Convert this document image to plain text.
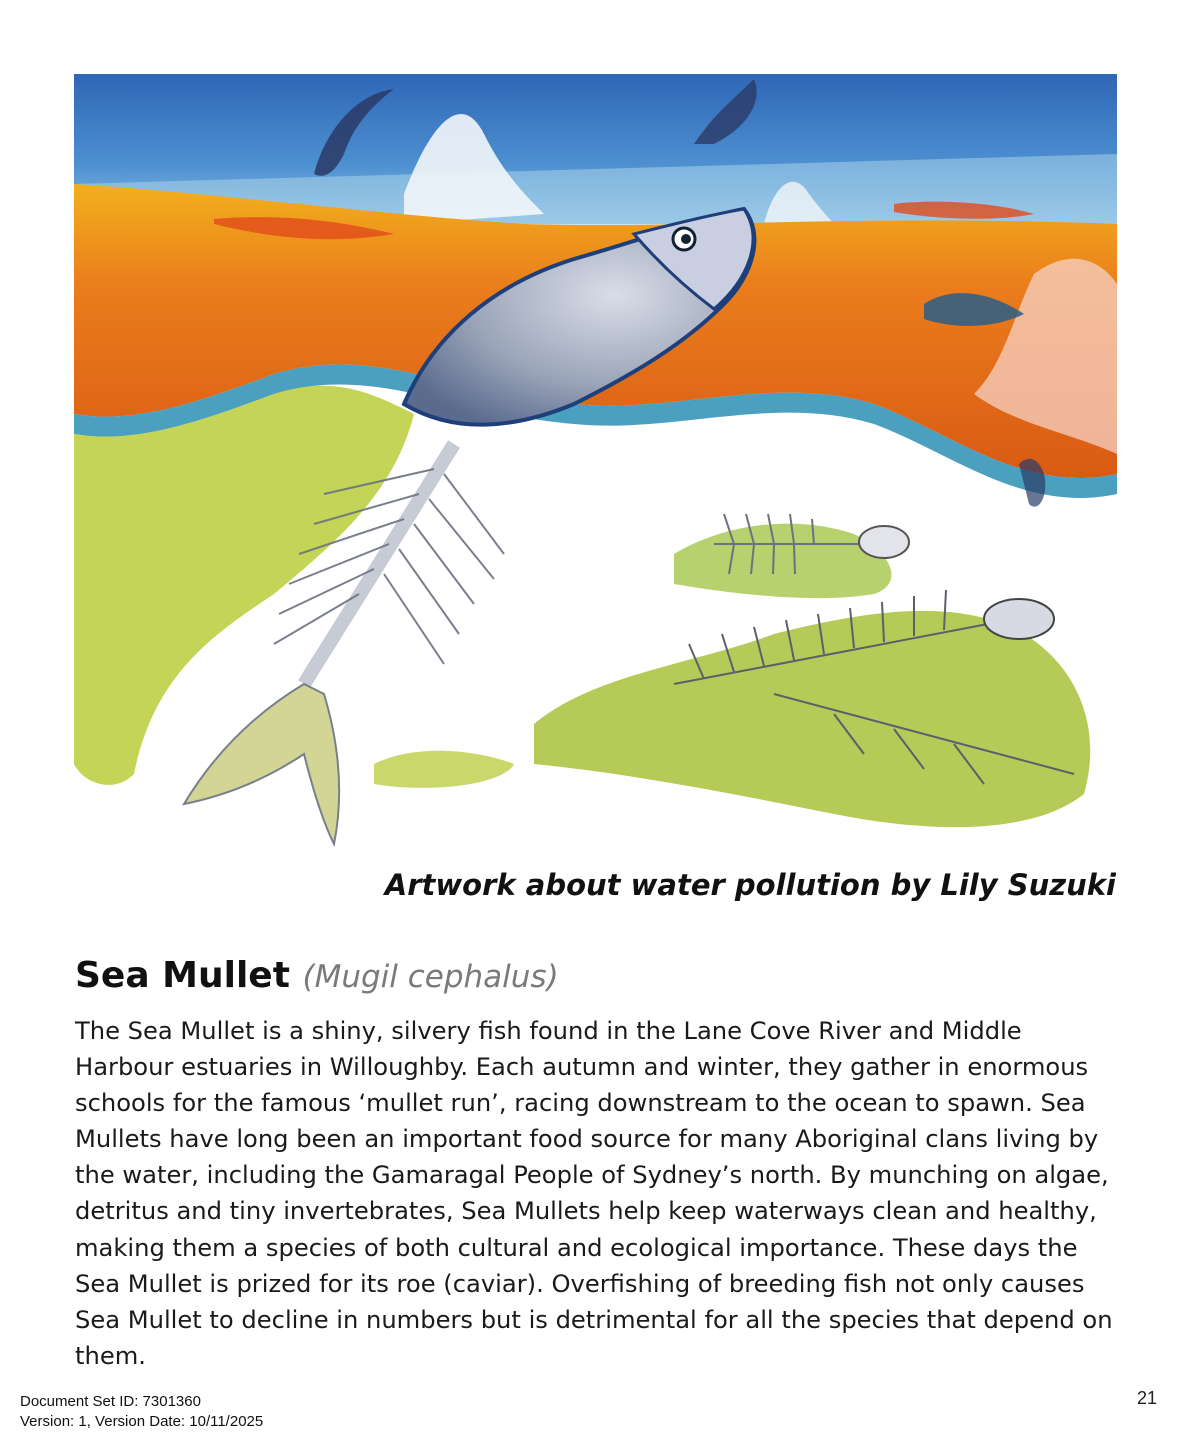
Artwork about water pollution by Lily Suzuki
Sea Mullet (Mugil cephalus)

The Sea Mullet is a shiny, silvery fish found in the Lane Cove River and Middle Harbour estuaries in Willoughby. Each autumn and winter, they gather in enormous schools for the famous ‘mullet run’, racing downstream to the ocean to spawn. Sea Mullets have long been an important food source for many Aboriginal clans living by the water, including the Gamaragal People of Sydney’s north. By munching on algae, detritus and tiny invertebrates, Sea Mullets help keep waterways clean and healthy, making them a species of both cultural and ecological importance. These days the Sea Mullet is prized for its roe (caviar). Overfishing of breeding fish not only causes Sea Mullet to decline in numbers but is detrimental for all the species that depend on them.

Document Set ID: 7301360
Version: 1, Version Date: 10/11/2025
21
